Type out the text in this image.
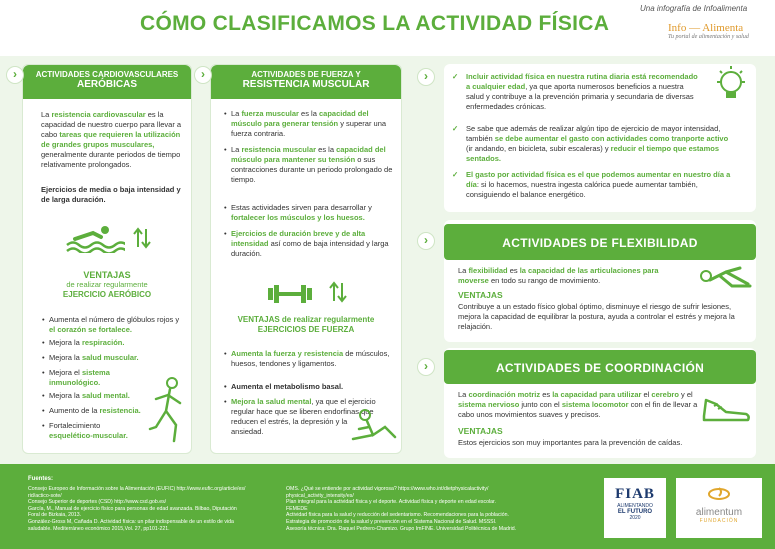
CÓMO CLASIFICAMOS LA ACTIVIDAD FÍSICA
Una infografía de Infoalimenta
Info — Alimenta
Tu portal de alimentación y salud
ACTIVIDADES CARDIOVASCULARES
AERÓBICAS
La resistencia cardiovascular es la capacidad de nuestro cuerpo para llevar a cabo tareas que requieren la utilización de grandes grupos musculares, generalmente durante periodos de tiempo relativamente prolongados.
Ejercicios de media o baja intensidad y de larga duración.
VENTAJAS
de realizar regularmente
EJERCICIO AERÓBICO
• Aumenta el número de glóbulos rojos y el corazón se fortalece.
• Mejora la respiración.
• Mejora la salud muscular.
• Mejora el sistema inmunológico.
• Mejora la salud mental.
• Aumento de la resistencia.
• Fortalecimiento esquelético-muscular.
ACTIVIDADES DE FUERZA Y
RESISTENCIA MUSCULAR
• La fuerza muscular es la capacidad del músculo para generar tensión y superar una fuerza contraria.
• La resistencia muscular es la capacidad del músculo para mantener su tensión o sus contracciones durante un periodo prolongado de tiempo.
• Estas actividades sirven para desarrollar y fortalecer los músculos y los huesos.
• Ejercicios de duración breve y de alta intensidad así como de baja intensidad y larga duración.
VENTAJAS de realizar regularmente
EJERCICIOS DE FUERZA
• Aumenta la fuerza y resistencia de músculos, huesos, tendones y ligamentos.
• Aumenta el metabolismo basal.
• Mejora la salud mental, ya que el ejercicio regular hace que se liberen endorfinas que reducen el estrés, la depresión y la ansiedad.
›	›	›
›
›
✓ Incluir actividad física en nuestra rutina diaria está recomendado a cualquier edad, ya que aporta numerosos beneficios a nuestra salud y contribuye a la prevención primaria y secundaria de diversas enfermedades crónicas.
✓ Se sabe que además de realizar algún tipo de ejercicio de mayor intensidad, también se debe aumentar el gasto con actividades como tranporte activo (ir andando, en bicicleta, subir escaleras) y reducir el tiempo que estamos sentados.
✓ El gasto por actividad física es el que podemos aumentar en nuestro día a día: si lo hacemos, nuestra ingesta calórica puede aumentar también, consiguiendo el balance energético.
ACTIVIDADES DE FLEXIBILIDAD
La flexibilidad es la capacidad de las articulaciones para moverse en todo su rango de movimiento.
VENTAJAS
Contribuye a un estado físico global óptimo, disminuye el riesgo de sufrir lesiones, mejora la capacidad de equilibrar la postura, ayuda a controlar el estrés y mejora la relajación.
ACTIVIDADES DE COORDINACIÓN
La coordinación motriz es la capacidad para utilizar el cerebro y el sistema nervioso junto con el sistema locomotor con el fin de llevar a cabo unos movimientos suaves y precisos.
VENTAJAS
Estos ejercicios son muy importantes para la prevención de caídas.
Fuentes:
Consejo Europeo de Información sobre la Alimentación (EUFIC) http://www.eufic.org/article/es/
rid/actico-sote/
Consejo Superior de deportes (CSD) http://www.csd.gob.es/
García, M., Manual de ejercicio físico para personas de edad avanzada. Bilbao, Diputación
Foral de Bizkaia, 2013.
González-Gross M, Cañada D. Actividad física: un pilar indispensable de un estilo de vida
saludable. Mediterráneo económico 2015,Vol. 27, pp101-221.
OMS. ¿Qué se entiende por actividad vigorosa? https://www.who.int/dietphysicalactivity/
physical_activity_intensity/es/
Plan integral para la actividad física y el deporte. Actividad física y deporte en edad escolar.
FEMEDE
Actividad física para la salud y reducción del sedentarismo. Recomendaciones para la población.
Estrategia de promoción de la salud y prevención en el Sistema Nacional de Salud. MSSSI.
Asesoría técnica: Dra. Raquel Pedrero-Chamizo. Grupo ImFINE. Universidad Politécnica de Madrid.
FIAB
ALIMENTANDO
EL FUTURO
2020	alimentum
FUNDACIÓN
